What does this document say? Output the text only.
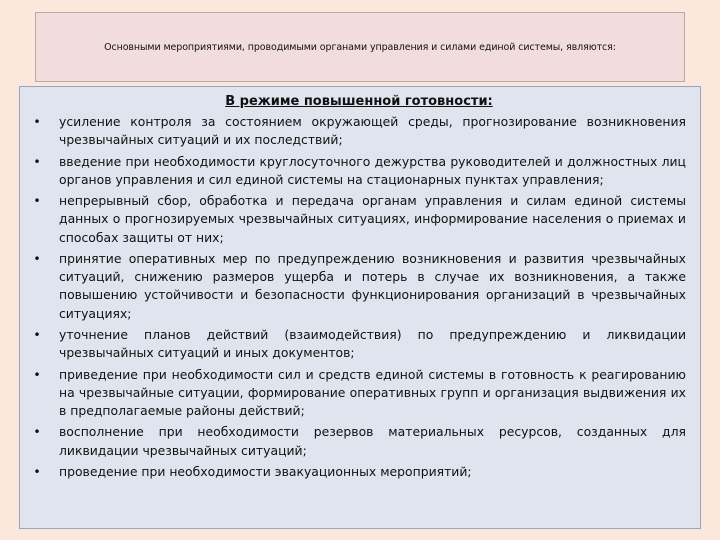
Основными мероприятиями, проводимыми органами управления и силами единой системы, являются:
В режиме повышенной готовности:
• усиление контроля за состоянием окружающей среды, прогнозирование возникновения чрезвычайных ситуаций и их последствий;
• введение при необходимости круглосуточного дежурства руководителей и должностных лиц органов управления и сил единой системы на стационарных пунктах управления;
• непрерывный сбор, обработка и передача органам управления и силам единой системы данных о прогнозируемых чрезвычайных ситуациях, информирование населения о приемах и способах защиты от них;
• принятие оперативных мер по предупреждению возникновения и развития чрезвычайных ситуаций, снижению размеров ущерба и потерь в случае их возникновения, а также повышению устойчивости и безопасности функционирования организаций в чрезвычайных ситуациях;
• уточнение планов действий (взаимодействия) по предупреждению и ликвидации чрезвычайных ситуаций и иных документов;
• приведение при необходимости сил и средств единой системы в готовность к реагированию на чрезвычайные ситуации, формирование оперативных групп и организация выдвижения их в предполагаемые районы действий;
• восполнение при необходимости резервов материальных ресурсов, созданных для ликвидации чрезвычайных ситуаций;
• проведение при необходимости эвакуационных мероприятий;
